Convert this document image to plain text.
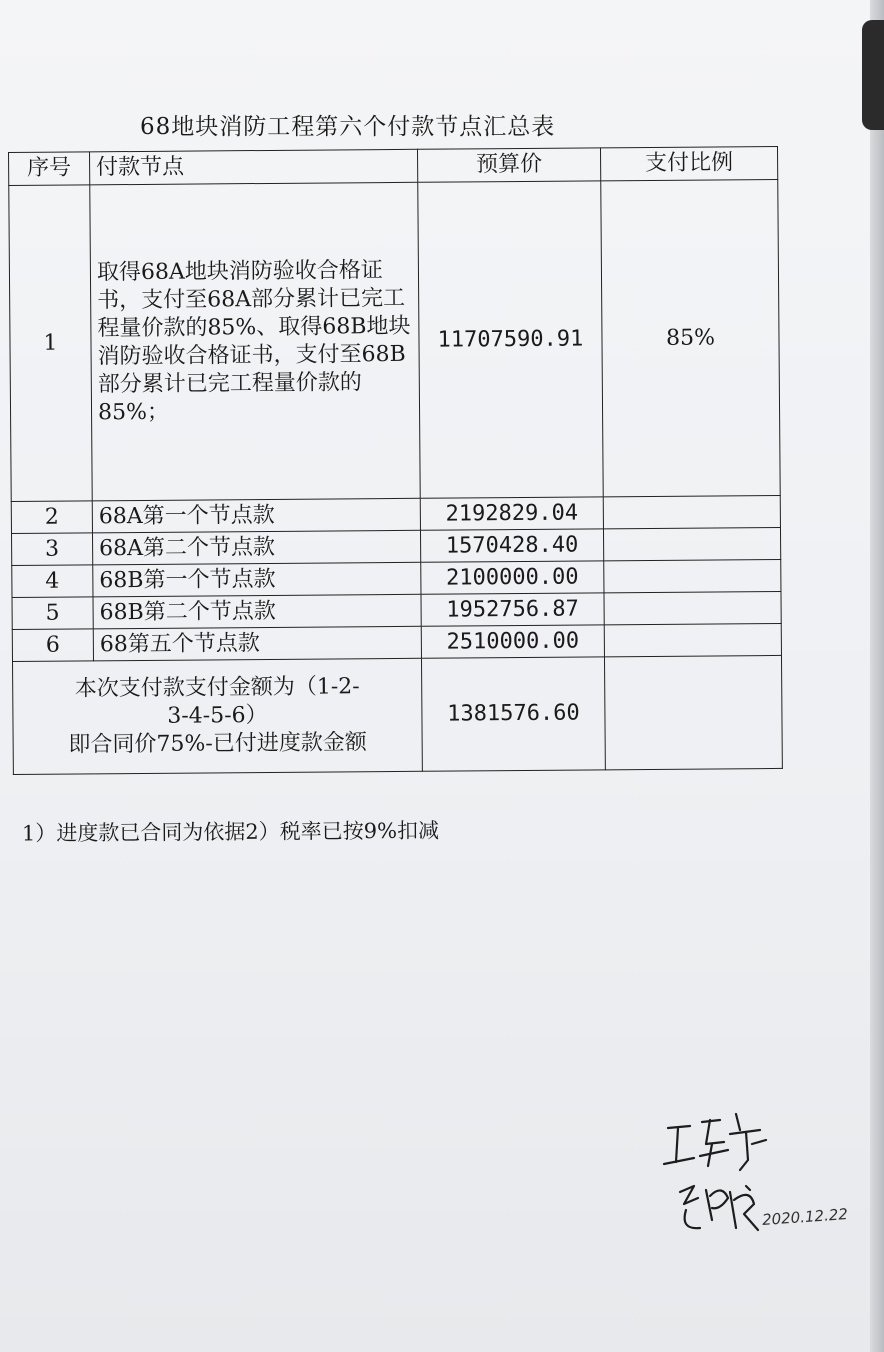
68地块消防工程第六个付款节点汇总表
序号	付款节点	预算价	支付比例
1	取得68A地块消防验收合格证书，支付至68A部分累计已完工程量价款的85%、取得68B地块消防验收合格证书，支付至68B部分累计已完工程量价款的85%；	11707590.91	85%
2	68A第一个节点款	2192829.04	
3	68A第二个节点款	1570428.40	
4	68B第一个节点款	2100000.00	
5	68B第二个节点款	1952756.87	
6	68第五个节点款	2510000.00	

本次支付款支付金额为（1-2-
3-4-5-6）
即合同价75%-已付进度款金额		1381576.60	
1）进度款已合同为依据2）税率已按9%扣减
2020.12.22
